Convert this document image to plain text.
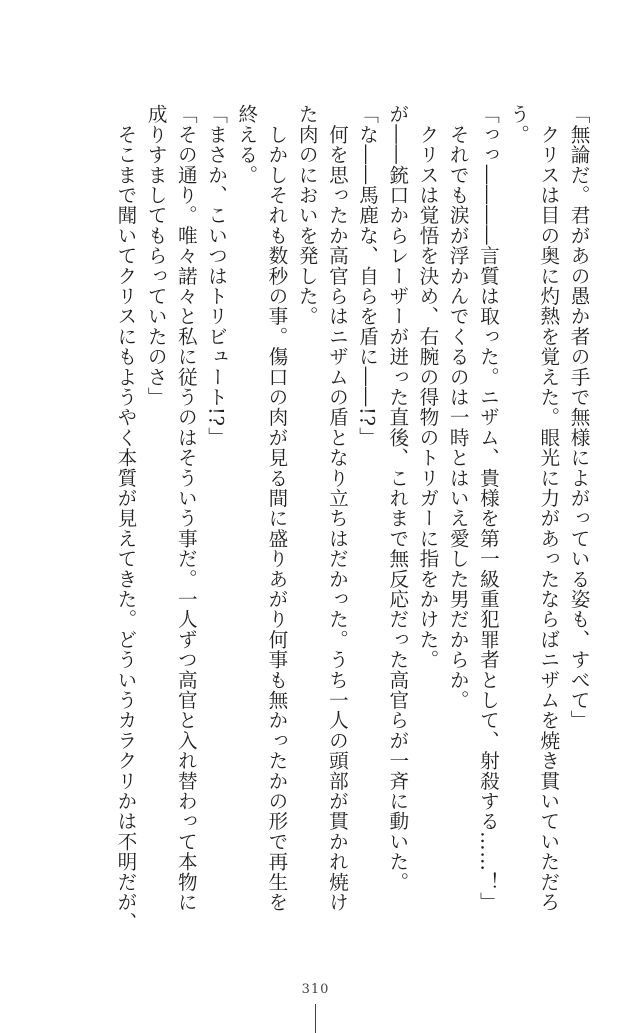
「無論だ。君があの愚か者の手で無様によがっている姿も、すべて」
　クリスは目の奥に灼熱を覚えた。眼光に力があったならばニザムを焼き貫いていただろ
う。
「っっ――――言質は取った。ニザム、貴様を第一級重犯罪者として、射殺する……！」
　それでも涙が浮かんでくるのは一時とはいえ愛した男だからか。
　クリスは覚悟を決め、右腕の得物のトリガーに指をかけた。
が――銃口からレーザーが迸った直後、これまで無反応だった高官らが一斉に動いた。
「な――馬鹿な、自らを盾に――!?」
　何を思ったか高官らはニザムの盾となり立ちはだかった。うち一人の頭部が貫かれ焼け
た肉のにおいを発した。
　しかしそれも数秒の事。傷口の肉が見る間に盛りあがり何事も無かったかの形で再生を
終える。
「まさか、こいつはトリビュート!?」
「その通り。唯々諾々と私に従うのはそういう事だ。一人ずつ高官と入れ替わって本物に
成りすましてもらっていたのさ」
　そこまで聞いてクリスにもようやく本質が見えてきた。どういうカラクリかは不明だが、
310
